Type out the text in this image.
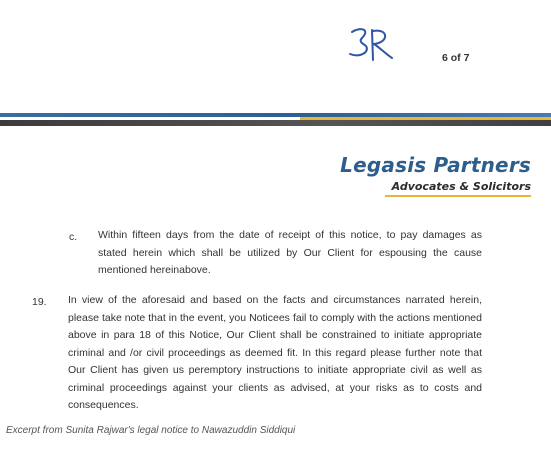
6 of 7
Legasis Partners
Advocates & Solicitors
c. Within fifteen days from the date of receipt of this notice, to pay damages as stated herein which shall be utilized by Our Client for espousing the cause mentioned hereinabove.
19. In view of the aforesaid and based on the facts and circumstances narrated herein, please take note that in the event, you Noticees fail to comply with the actions mentioned above in para 18 of this Notice, Our Client shall be constrained to initiate appropriate criminal and /or civil proceedings as deemed fit. In this regard please further note that Our Client has given us peremptory instructions to initiate appropriate civil as well as criminal proceedings against your clients as advised, at your risks as to costs and consequences.
Excerpt from Sunita Rajwar's legal notice to Nawazuddin Siddiqui
